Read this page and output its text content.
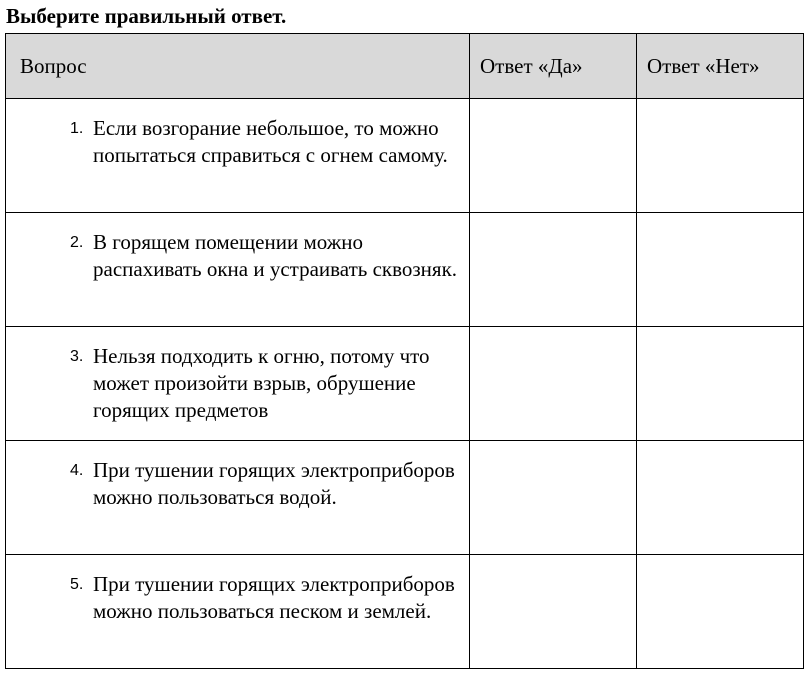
Выберите правильный ответ.

Вопрос	Ответ «Да»	Ответ «Нет»

1. Если возгорание небольшое, то можно попытаться справиться с огнем самому.		

2. В горящем помещении можно распахивать окна и устраивать сквозняк.		

3. Нельзя подходить к огню, потому что может произойти взрыв, обрушение горящих предметов		

4. При тушении горящих электроприборов можно пользоваться водой.		

5. При тушении горящих электроприборов можно пользоваться песком и землей.		
